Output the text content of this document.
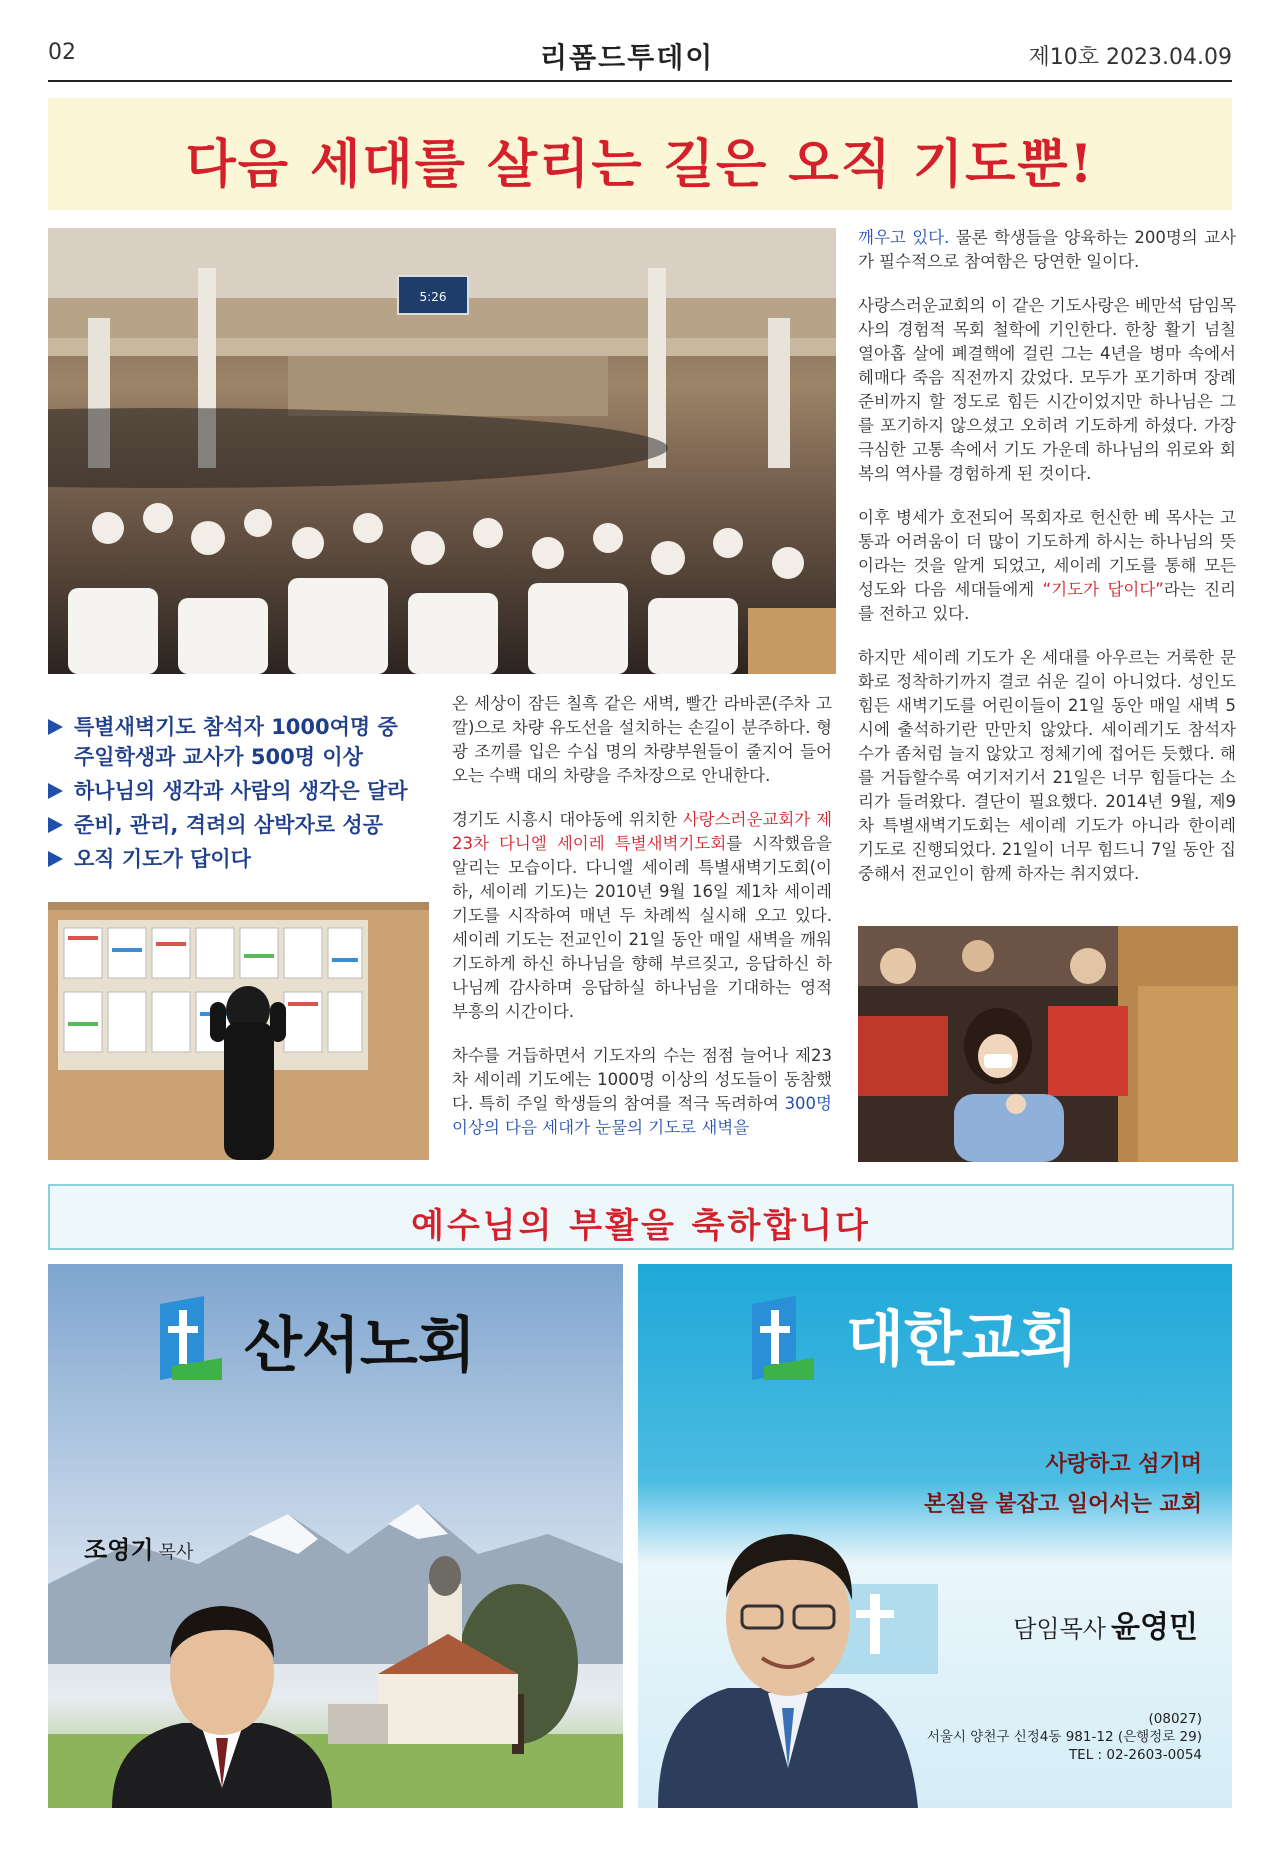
02	리폼드투데이	제10호 2023.04.09
다음 세대를 살리는 길은 오직 기도뿐!
5:26
특별새벽기도 참석자 1000여명 중 주일학생과 교사가 500명 이상
하나님의 생각과 사람의 생각은 달라
준비, 관리, 격려의 삼박자로 성공
오직 기도가 답이다

온 세상이 잠든 칠흑 같은 새벽, 빨간 라바콘(주차 고깔)으로 차량 유도선을 설치하는 손길이 분주하다. 형광 조끼를 입은 수십 명의 차량부원들이 줄지어 들어오는 수백 대의 차량을 주차장으로 안내한다.

경기도 시흥시 대야동에 위치한 사랑스러운교회가 제23차 다니엘 세이레 특별새벽기도회를 시작했음을 알리는 모습이다. 다니엘 세이레 특별새벽기도회(이하, 세이레 기도)는 2010년 9월 16일 제1차 세이레 기도를 시작하여 매년 두 차례씩 실시해 오고 있다. 세이레 기도는 전교인이 21일 동안 매일 새벽을 깨워 기도하게 하신 하나님을 향해 부르짖고, 응답하신 하나님께 감사하며 응답하실 하나님을 기대하는 영적 부흥의 시간이다.

차수를 거듭하면서 기도자의 수는 점점 늘어나 제23차 세이레 기도에는 1000명 이상의 성도들이 동참했다. 특히 주일 학생들의 참여를 적극 독려하여 300명 이상의 다음 세대가 눈물의 기도로 새벽을

깨우고 있다. 물론 학생들을 양육하는 200명의 교사가 필수적으로 참여함은 당연한 일이다.

사랑스러운교회의 이 같은 기도사랑은 베만석 담임목사의 경험적 목회 철학에 기인한다. 한창 활기 넘칠 열아홉 살에 폐결핵에 걸린 그는 4년을 병마 속에서 헤매다 죽음 직전까지 갔었다. 모두가 포기하며 장례 준비까지 할 정도로 힘든 시간이었지만 하나님은 그를 포기하지 않으셨고 오히려 기도하게 하셨다. 가장 극심한 고통 속에서 기도 가운데 하나님의 위로와 회복의 역사를 경험하게 된 것이다.

이후 병세가 호전되어 목회자로 헌신한 베 목사는 고통과 어려움이 더 많이 기도하게 하시는 하나님의 뜻이라는 것을 알게 되었고, 세이레 기도를 통해 모든 성도와 다음 세대들에게 “기도가 답이다”라는 진리를 전하고 있다.

하지만 세이레 기도가 온 세대를 아우르는 거룩한 문화로 정착하기까지 결코 쉬운 길이 아니었다. 성인도 힘든 새벽기도를 어린이들이 21일 동안 매일 새벽 5시에 출석하기란 만만치 않았다. 세이레기도 참석자 수가 좀처럼 늘지 않았고 정체기에 접어든 듯했다. 해를 거듭할수록 여기저기서 21일은 너무 힘들다는 소리가 들려왔다. 결단이 필요했다. 2014년 9월, 제9차 특별새벽기도회는 세이레 기도가 아니라 한이레 기도로 진행되었다. 21일이 너무 힘드니 7일 동안 집중해서 전교인이 함께 하자는 취지였다.

예수님의 부활을 축하합니다
산서노회
조영기 목사
대한교회
사랑하고 섬기며
본질을 붙잡고 일어서는 교회
담임목사 윤영민
(08027)
서울시 양천구 신정4동 981-12 (은행정로 29)
TEL : 02-2603-0054
